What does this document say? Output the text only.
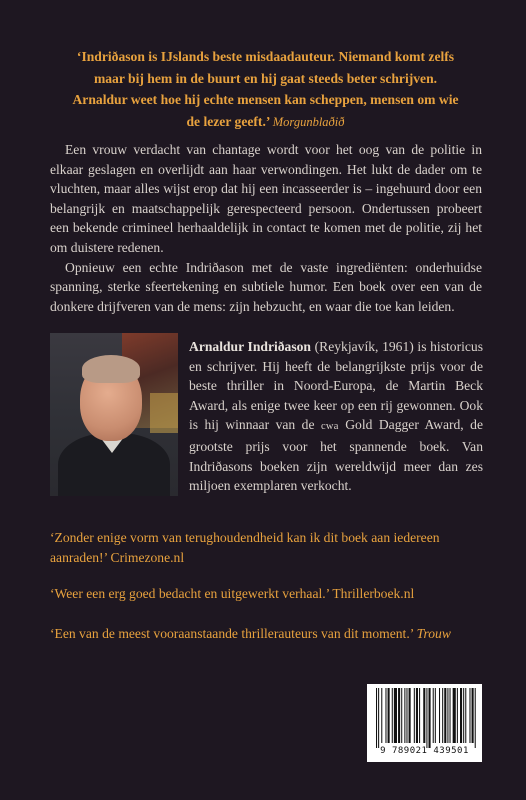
‘Indriðason is IJslands beste misdaadauteur. Niemand komt zelfs maar bij hem in de buurt en hij gaat steeds beter schrijven. Arnaldur weet hoe hij echte mensen kan scheppen, mensen om wie de lezer geeft.’ Morgunblaðið

Een vrouw verdacht van chantage wordt voor het oog van de politie in elkaar geslagen en overlijdt aan haar verwondingen. Het lukt de dader om te vluchten, maar alles wijst erop dat hij een incasseerder is – ingehuurd door een belangrijk en maatschappelijk gerespecteerd persoon. Ondertussen probeert een bekende crimineel herhaaldelijk in contact te komen met de politie, zij het om duistere redenen.

Opnieuw een echte Indriðason met de vaste ingrediënten: onderhuidse spanning, sterke sfeertekening en subtiele humor. Een boek over een van de donkere drijfveren van de mens: zijn hebzucht, en waar die toe kan leiden.

Arnaldur Indriðason (Reykjavík, 1961) is historicus en schrijver. Hij heeft de belangrijkste prijs voor de beste thriller in Noord-Europa, de Martin Beck Award, als enige twee keer op een rij gewonnen. Ook is hij winnaar van de cwa Gold Dagger Award, de grootste prijs voor het spannende boek. Van Indriðasons boeken zijn wereldwijd meer dan zes miljoen exemplaren verkocht.
‘Zonder enige vorm van terughoudendheid kan ik dit boek aan iedereen aanraden!’ Crimezone.nl
‘Weer een erg goed bedacht en uitgewerkt verhaal.’ Thrillerboek.nl
‘Een van de meest vooraanstaande thrillerauteurs van dit moment.’ Trouw
9 789021 439501
